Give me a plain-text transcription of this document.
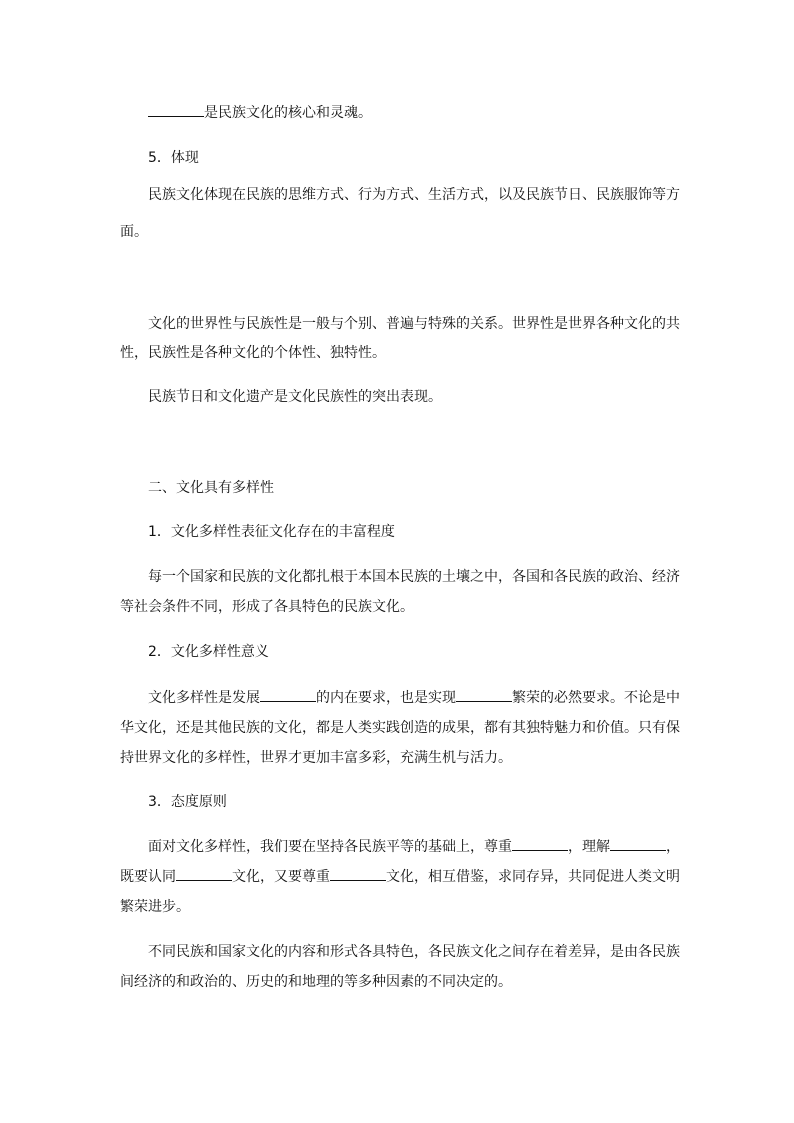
是民族文化的核心和灵魂。
5．体现
民族文化体现在民族的思维方式、行为方式、生活方式，以及民族节日、民族服饰等方
面。
文化的世界性与民族性是一般与个别、普遍与特殊的关系。世界性是世界各种文化的共
性，民族性是各种文化的个体性、独特性。
民族节日和文化遗产是文化民族性的突出表现。
二、文化具有多样性
1．文化多样性表征文化存在的丰富程度
每一个国家和民族的文化都扎根于本国本民族的土壤之中，各国和各民族的政治、经济
等社会条件不同，形成了各具特色的民族文化。
2．文化多样性意义
文化多样性是发展	的内在要求，也是实现	繁荣的必然要求。不论是中
华文化，还是其他民族的文化，都是人类实践创造的成果，都有其独特魅力和价值。只有保
持世界文化的多样性，世界才更加丰富多彩，充满生机与活力。
3．态度原则
面对文化多样性，我们要在坚持各民族平等的基础上，尊重	，理解	，
既要认同	文化，又要尊重	文化，相互借鉴，求同存异，共同促进人类文明
繁荣进步。
不同民族和国家文化的内容和形式各具特色，各民族文化之间存在着差异，是由各民族
间经济的和政治的、历史的和地理的等多种因素的不同决定的。
